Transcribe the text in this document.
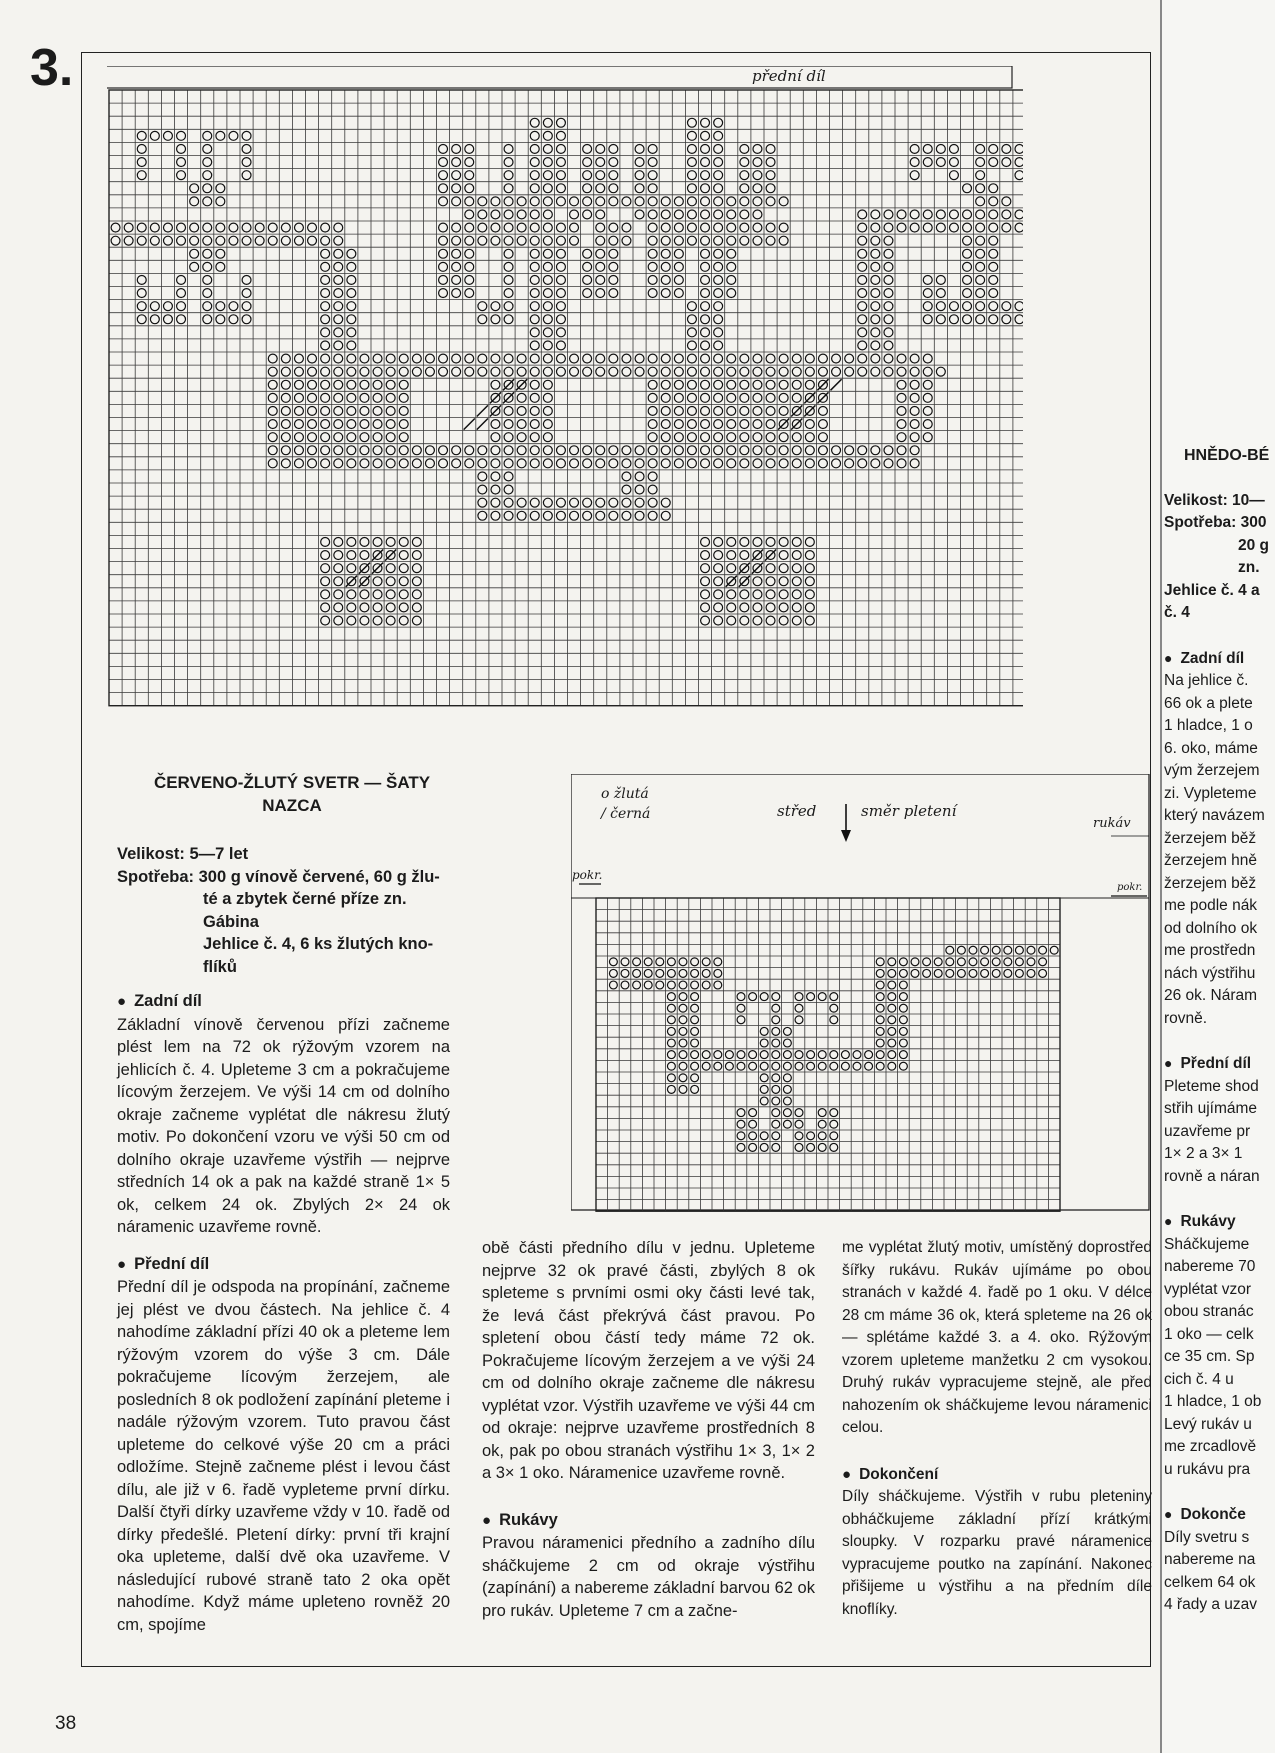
3.	přední díl
o žlutá
/ černá	střed	směr pletení
rukáv
pokr.
pokr.
ČERVENO-ŽLUTÝ SVETR — ŠATY
NAZCA
Velikost: 5—7 let
Spotřeba: 300 g vínově červené, 60 g žlu-
té a zbytek černé příze zn.
Gábina
Jehlice č. 4, 6 ks žlutých kno-
flíků

● Zadní díl

Základní vínově červenou přízi začneme plést lem na 72 ok rýžovým vzorem na jehlicích č. 4. Upleteme 3 cm a pokračujeme lícovým žerzejem. Ve výši 14 cm od dolního okraje začneme vyplétat dle nákresu žlutý motiv. Po dokončení vzoru ve výši 50 cm od dolního okraje uzavřeme výstřih — nejprve středních 14 ok a pak na každé straně 1× 5 ok, celkem 24 ok. Zbylých 2× 24 ok náramenic uzavřeme rovně.

● Přední díl

Přední díl je odspoda na propínání, začneme jej plést ve dvou částech. Na jehlice č. 4 nahodíme základní přízi 40 ok a pleteme lem rýžovým vzorem do výše 3 cm. Dále pokračujeme lícovým žerzejem, ale posledních 8 ok podložení zapínání pleteme i nadále rýžovým vzorem. Tuto pravou část upleteme do celkové výše 20 cm a práci odložíme. Stejně začneme plést i levou část dílu, ale již v 6. řadě vypleteme první dírku. Další čtyři dírky uzavřeme vždy v 10. řadě od dírky předešlé. Pletení dírky: první tři krajní oka upleteme, další dvě oka uzavřeme. V následující rubové straně tato 2 oka opět nahodíme. Když máme upleteno rovněž 20 cm, spojíme

obě části předního dílu v jednu. Upleteme nejprve 32 ok pravé části, zbylých 8 ok spleteme s prvními osmi oky části levé tak, že levá část překrývá část pravou. Po spletení obou částí tedy máme 72 ok. Pokračujeme lícovým žerzejem a ve výši 24 cm od dolního okraje začneme dle nákresu vyplétat vzor. Výstřih uzavřeme ve výši 44 cm od okraje: nejprve uzavřeme prostředních 8 ok, pak po obou stranách výstřihu 1× 3, 1× 2 a 3× 1 oko. Náramenice uzavřeme rovně.

● Rukávy

Pravou náramenici předního a zadního dílu sháčkujeme 2 cm od okraje výstřihu (zapínání) a nabereme základní barvou 62 ok pro rukáv. Upleteme 7 cm a začne-

me vyplétat žlutý motiv, umístěný doprostřed šířky rukávu. Rukáv ujímáme po obou stranách v každé 4. řadě po 1 oku. V délce 28 cm máme 36 ok, která spleteme na 26 ok — splétáme každé 3. a 4. oko. Rýžovým vzorem upleteme manžetku 2 cm vysokou. Druhý rukáv vypracujeme stejně, ale před nahozením ok sháčkujeme levou náramenici celou.

● Dokončení

Díly sháčkujeme. Výstřih v rubu pleteniny obháčkujeme základní přízí krátkými sloupky. V rozparku pravé náramenice vypracujeme poutko na zapínání. Nakonec přišijeme u výstřihu a na předním díle knoflíky.

38

HNĚDO-BÉ

Velikost: 10—

Spotřeba: 300

20 g

zn.

Jehlice č. 4 a

č. 4

● Zadní díl

Na jehlice č.

66 ok a plete

1 hladce, 1 o

6. oko, máme

vým žerzejem

zi. Vypleteme

který navázem

žerzejem běž

žerzejem hně

žerzejem běž

me podle nák

od dolního ok

me prostředn

nách výstřihu

26 ok. Náram

rovně.

● Přední díl

Pleteme shod

střih ujímáme

uzavřeme pr

1× 2 a 3× 1

rovně a náran

● Rukávy

Sháčkujeme

nabereme 70

vyplétat vzor

obou stranác

1 oko — celk

ce 35 cm. Sp

cich č. 4 u

1 hladce, 1 ob

Levý rukáv u

me zrcadlově

u rukávu pra

● Dokonče

Díly svetru s

nabereme na

celkem 64 ok

4 řady a uzav
